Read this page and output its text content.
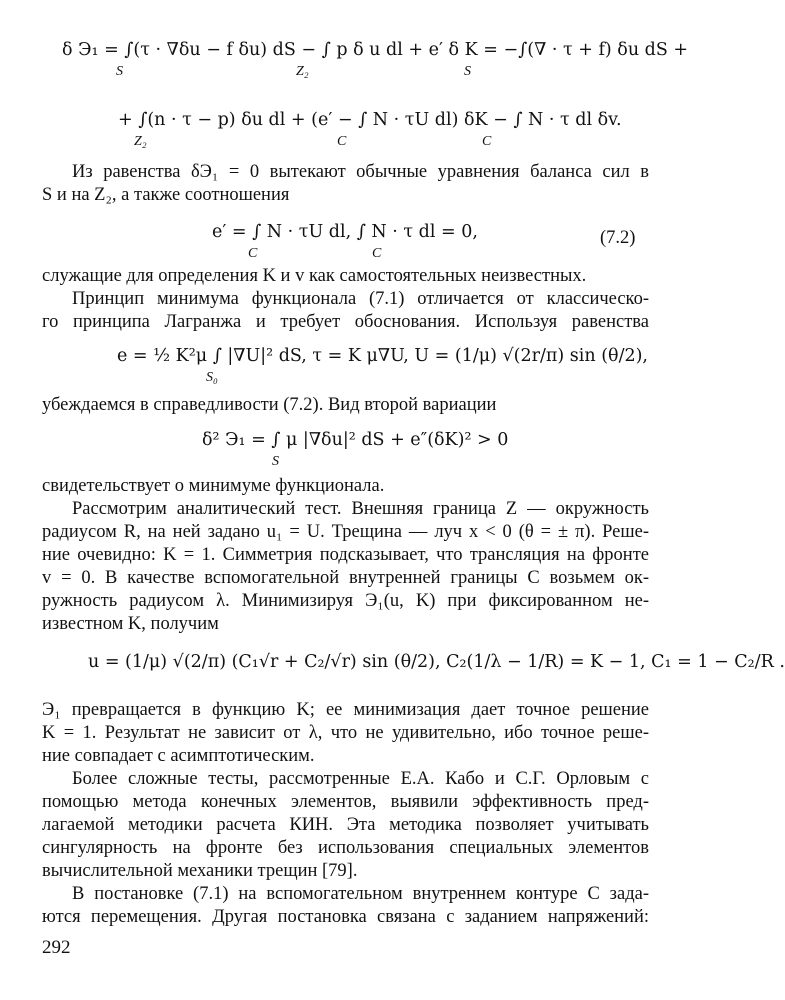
δ Э₁ = ∫(τ · ∇δu − f δu) dS − ∫ p δ u dl + e′ δ K = −∫(∇ · τ + f) δu dS +
S	Z₂	S
+ ∫(n · τ − p) δu dl + (e′ − ∫ N · τU dl) δK − ∫ N · τ dl δv.
Z₂	C	C
Из равенства δЭ₁ = 0 вытекают обычные уравнения баланса сил в
S и на Z₂, а также соотношения
e′ = ∫ N · τU dl, ∫ N · τ dl = 0,
C	C
(7.2)
служащие для определения K и v как самостоятельных неизвестных.
Принцип минимума функционала (7.1) отличается от классическо-
го принципа Лагранжа и требует обоснования. Используя равенства
e = ½ K²μ ∫ |∇U|² dS, τ = K μ∇U, U = (1/μ) √(2r/π) sin (θ/2),
S₀
убеждаемся в справедливости (7.2). Вид второй вариации
δ² Э₁ = ∫ μ |∇δu|² dS + e″(δK)² > 0
S
свидетельствует о минимуме функционала.
Рассмотрим аналитический тест. Внешняя граница Z — окружность
радиусом R, на ней задано u₁ = U. Трещина — луч x < 0 (θ = ± π). Реше-
ние очевидно: K = 1. Симметрия подсказывает, что трансляция на фронте
v = 0. В качестве вспомогательной внутренней границы C возьмем ок-
ружность радиусом λ. Минимизируя Э₁(u, K) при фиксированном не-
известном K, получим
u = (1/μ) √(2/π) (C₁√r + C₂/√r) sin (θ/2), C₂(1/λ − 1/R) = K − 1, C₁ = 1 − C₂/R .
Э₁ превращается в функцию K; ее минимизация дает точное решение
K = 1. Результат не зависит от λ, что не удивительно, ибо точное реше-
ние совпадает с асимптотическим.
Более сложные тесты, рассмотренные Е.А. Кабо и С.Г. Орловым с
помощью метода конечных элементов, выявили эффективность пред-
лагаемой методики расчета КИН. Эта методика позволяет учитывать
сингулярность на фронте без использования специальных элементов
вычислительной механики трещин [79].
В постановке (7.1) на вспомогательном внутреннем контуре C зада-
ются перемещения. Другая постановка связана с заданием напряжений:
292
